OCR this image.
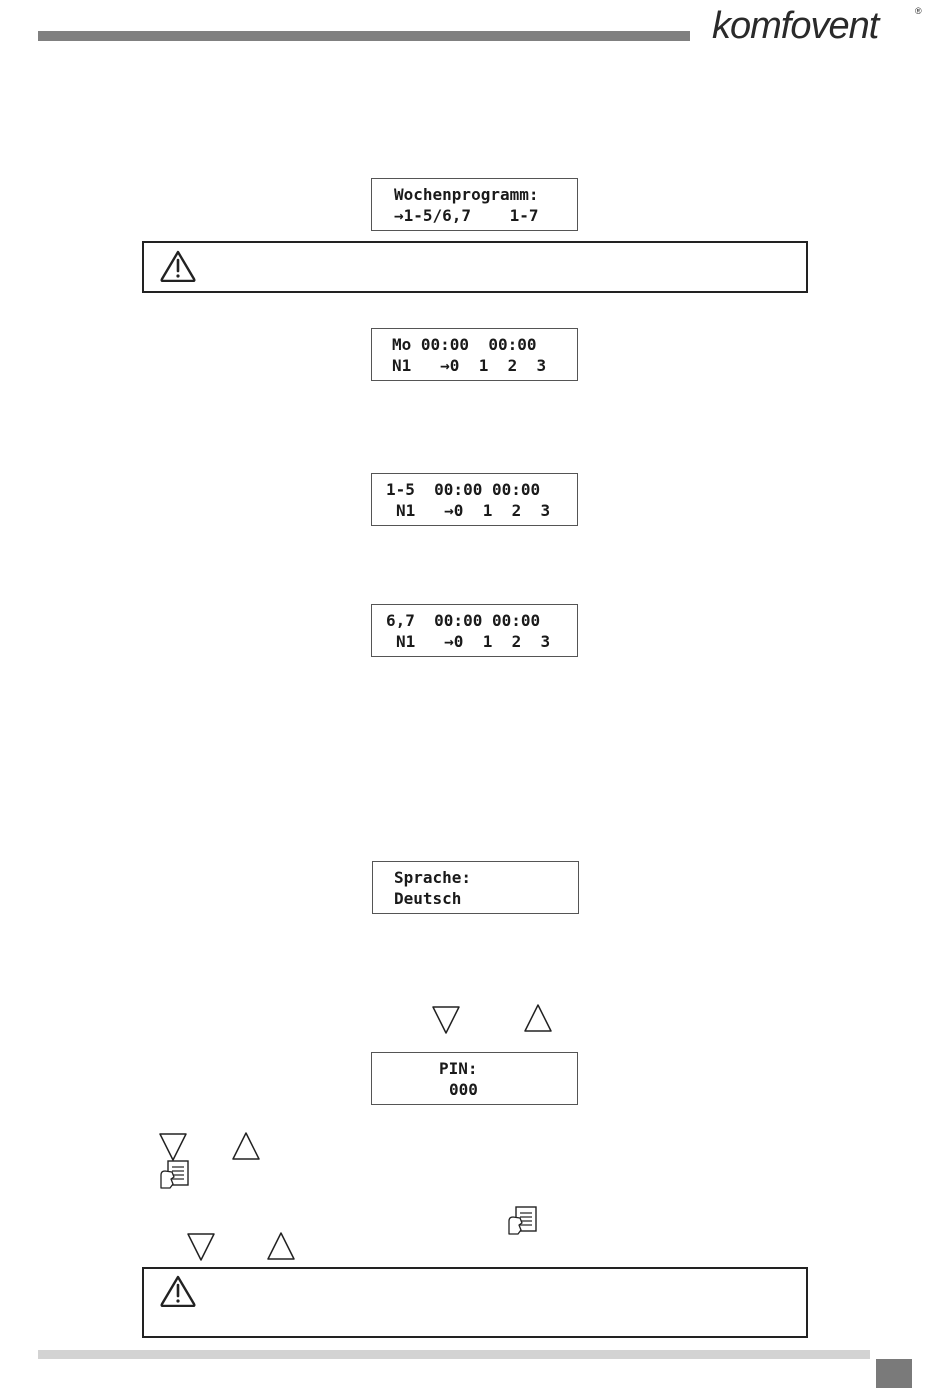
komfovent	®
Wochenprogramm:
→1-5/6,7    1-7
Mo 00:00  00:00
N1   →0  1  2  3
1-5  00:00 00:00
N1   →0  1  2  3
6,7  00:00 00:00
N1   →0  1  2  3
Sprache:
Deutsch
PIN:
000
